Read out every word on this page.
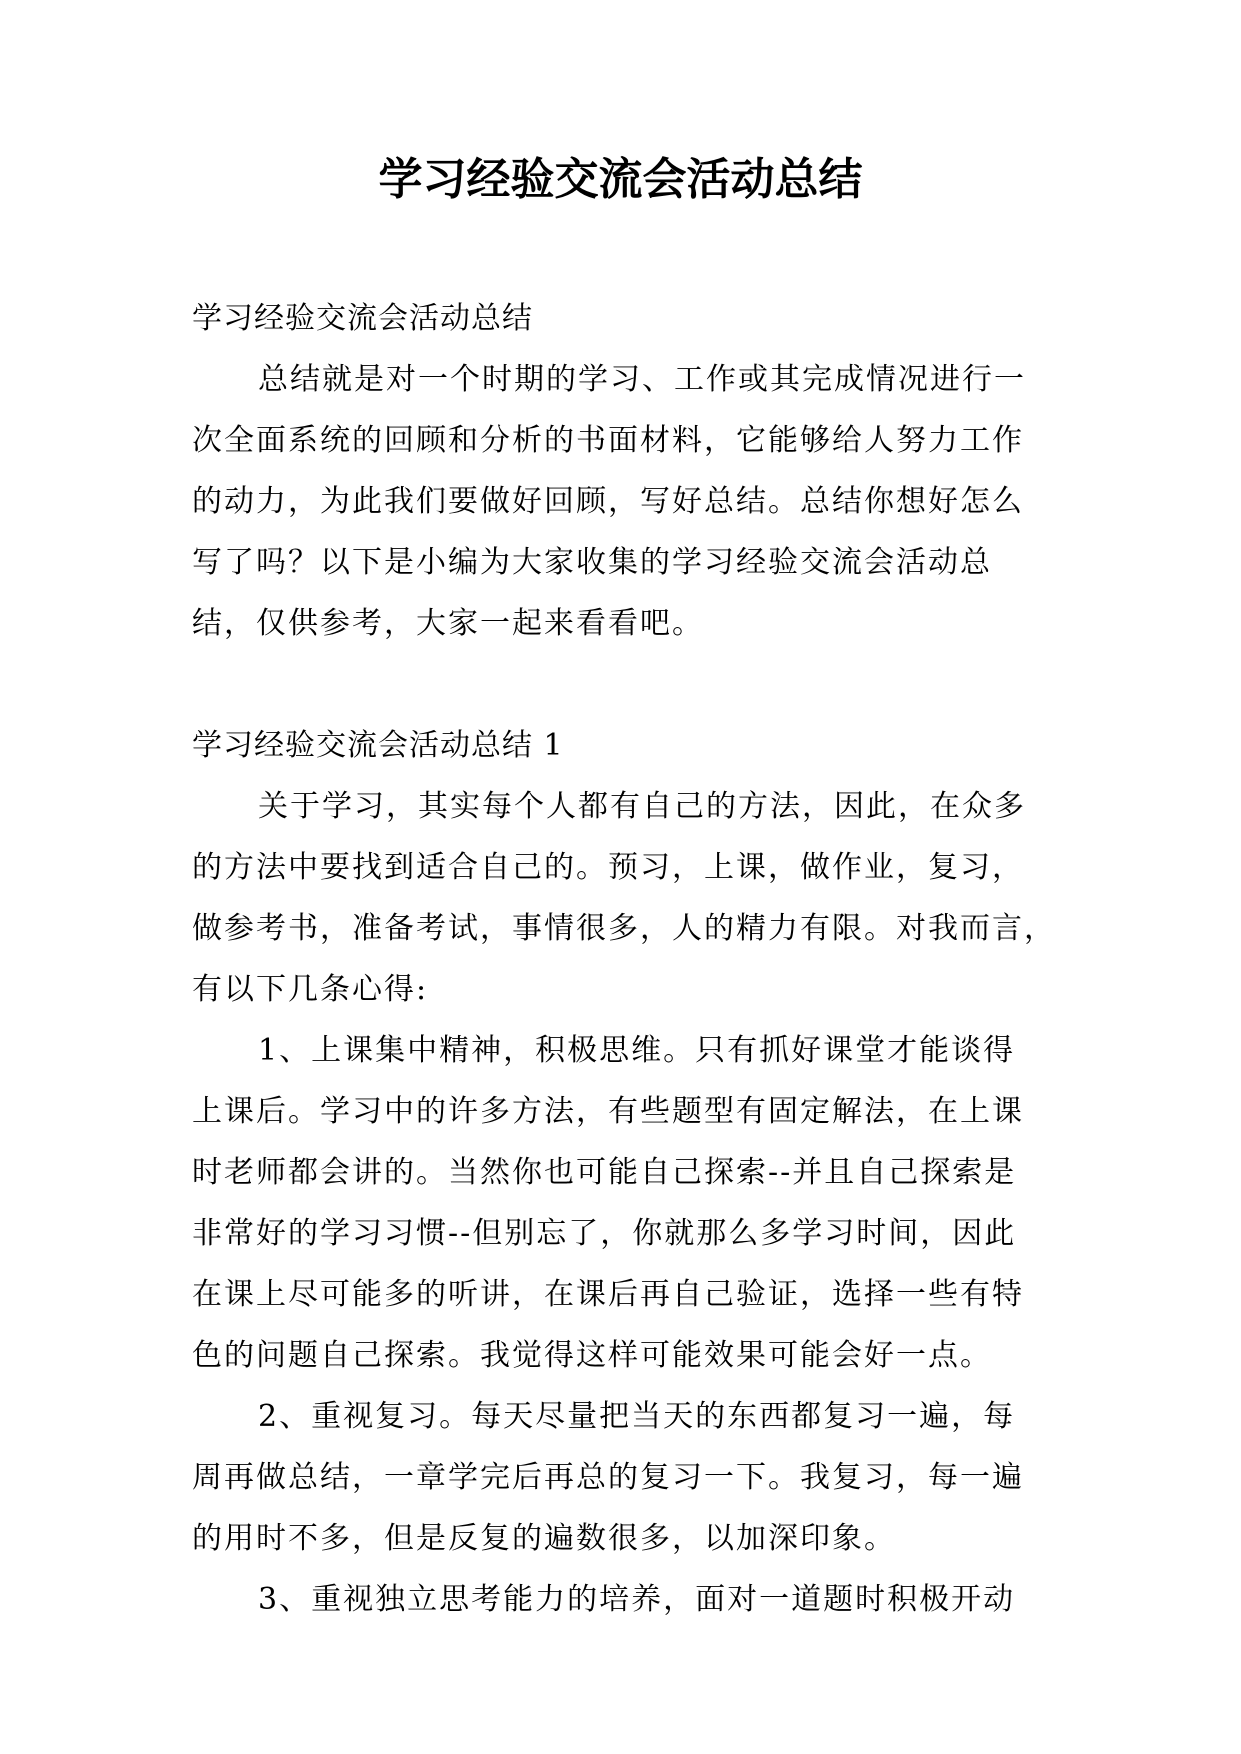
学习经验交流会活动总结
学习经验交流会活动总结
总结就是对一个时期的学习、工作或其完成情况进行一
次全面系统的回顾和分析的书面材料，它能够给人努力工作
的动力，为此我们要做好回顾，写好总结。总结你想好怎么
写了吗？以下是小编为大家收集的学习经验交流会活动总
结，仅供参考，大家一起来看看吧。
学习经验交流会活动总结 1
关于学习，其实每个人都有自己的方法，因此，在众多
的方法中要找到适合自己的。预习，上课，做作业，复习，
做参考书，准备考试，事情很多，人的精力有限。对我而言，
有以下几条心得:
1、上课集中精神，积极思维。只有抓好课堂才能谈得
上课后。学习中的许多方法，有些题型有固定解法，在上课
时老师都会讲的。当然你也可能自己探索--并且自己探索是
非常好的学习习惯--但别忘了，你就那么多学习时间，因此
在课上尽可能多的听讲，在课后再自己验证，选择一些有特
色的问题自己探索。我觉得这样可能效果可能会好一点。
2、重视复习。每天尽量把当天的东西都复习一遍，每
周再做总结，一章学完后再总的复习一下。我复习，每一遍
的用时不多，但是反复的遍数很多，以加深印象。
3、重视独立思考能力的培养，面对一道题时积极开动
